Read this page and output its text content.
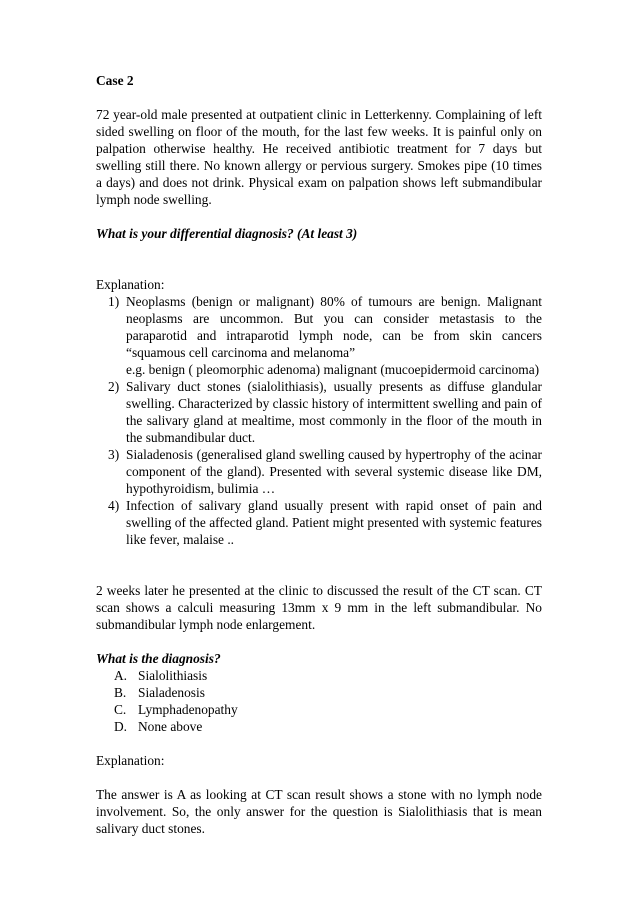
Case 2

72 year-old male presented at outpatient clinic in Letterkenny. Complaining of left sided swelling on floor of the mouth, for the last few weeks. It is painful only on palpation otherwise healthy. He received antibiotic treatment for 7 days but swelling still there. No known allergy or pervious surgery. Smokes pipe (10 times a days) and does not drink. Physical exam on palpation shows left submandibular lymph node swelling.

What is your differential diagnosis? (At least 3)

Explanation:

1) Neoplasms (benign or malignant) 80% of tumours are benign. Malignant neoplasms are uncommon. But you can consider metastasis to the paraparotid and intraparotid lymph node, can be from skin cancers “squamous cell carcinoma and melanoma”
e.g. benign ( pleomorphic adenoma) malignant (mucoepidermoid carcinoma)
2) Salivary duct stones (sialolithiasis), usually presents as diffuse glandular swelling. Characterized by classic history of intermittent swelling and pain of the salivary gland at mealtime, most commonly in the floor of the mouth in the submandibular duct.
3) Sialadenosis (generalised gland swelling caused by hypertrophy of the acinar component of the gland). Presented with several systemic disease like DM, hypothyroidism, bulimia …
4) Infection of salivary gland usually present with rapid onset of pain and swelling of the affected gland. Patient might presented with systemic features like fever, malaise ..

2 weeks later he presented at the clinic to discussed the result of the CT scan. CT scan shows a calculi measuring 13mm x 9 mm in the left submandibular. No submandibular lymph node enlargement.

What is the diagnosis?

A. Sialolithiasis
B. Sialadenosis
C. Lymphadenopathy
D. None above

Explanation:

The answer is A as looking at CT scan result shows a stone with no lymph node involvement. So, the only answer for the question is Sialolithiasis that is mean salivary duct stones.
